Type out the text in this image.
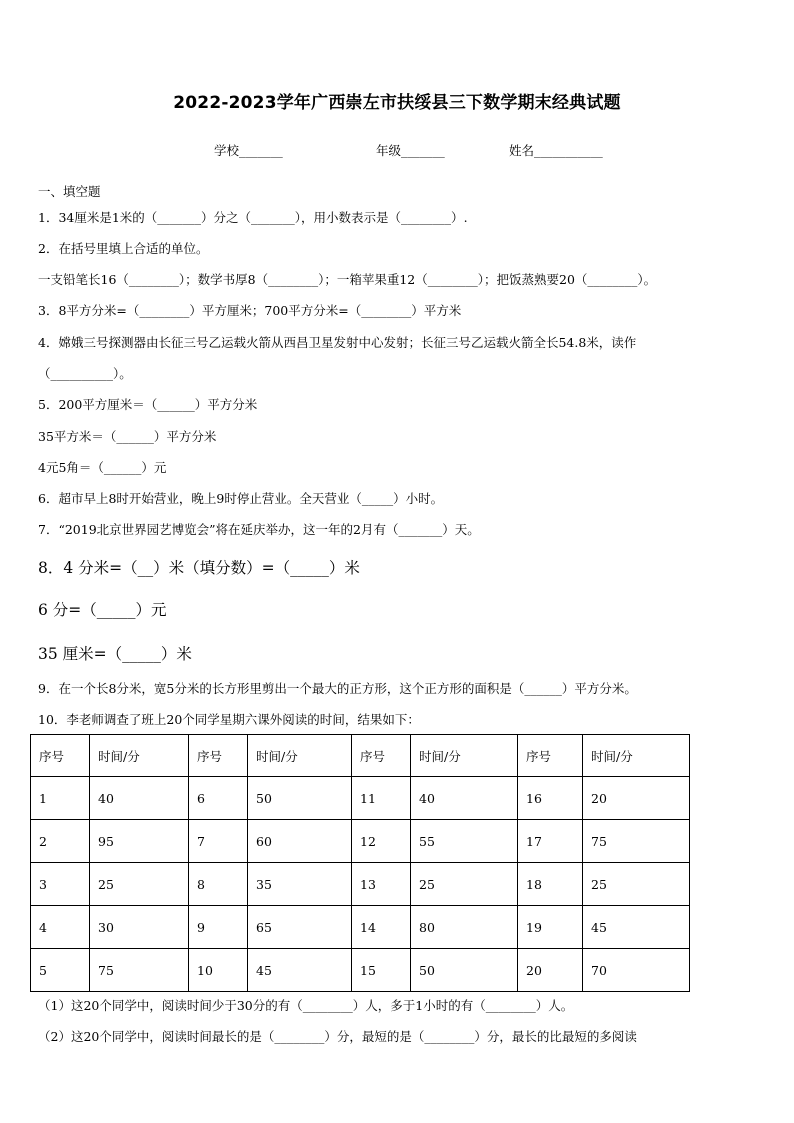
2022-2023学年广西崇左市扶绥县三下数学期末经典试题
学校_______	年级_______	姓名___________
一、填空题
1．34厘米是1米的（_______）分之（_______），用小数表示是（________）.
2．在括号里填上合适的单位。
一支铅笔长16（________）；数学书厚8（________）；一箱苹果重12（________）；把饭蒸熟要20（________）。
3．8平方分米=（________）平方厘米；700平方分米=（________）平方米
4．嫦娥三号探测器由长征三号乙运载火箭从西昌卫星发射中心发射；长征三号乙运载火箭全长54.8米，读作
（__________）。
5．200平方厘米＝（______）平方分米
35平方米＝（______）平方分米
4元5角＝（______）元
6．超市早上8时开始营业，晚上9时停止营业。全天营业（_____）小时。
7．“2019北京世界园艺博览会”将在延庆举办，这一年的2月有（_______）天。
8．4 分米=（__）米（填分数）=（_____）米
6 分=（_____）元
35 厘米=（_____）米
9．在一个长8分米，宽5分米的长方形里剪出一个最大的正方形，这个正方形的面积是（______）平方分米。
10．李老师调查了班上20个同学星期六课外阅读的时间，结果如下：
序号	时间/分	序号	时间/分	序号	时间/分	序号	时间/分
1	40	6	50	11	40	16	20
2	95	7	60	12	55	17	75
3	25	8	35	13	25	18	25
4	30	9	65	14	80	19	45
5	75	10	45	15	50	20	70
（1）这20个同学中，阅读时间少于30分的有（________）人，多于1小时的有（________）人。
（2）这20个同学中，阅读时间最长的是（________）分，最短的是（________）分，最长的比最短的多阅读
